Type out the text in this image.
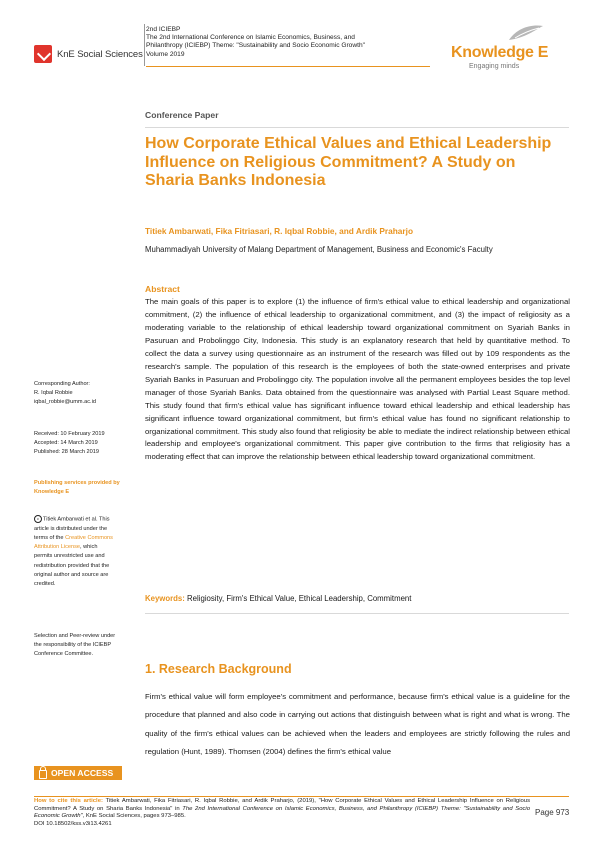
KnE Social Sciences
2nd ICIEBP
The 2nd International Conference on Islamic Economics, Business, and
Philanthropy (ICIEBP) Theme: "Sustainability and Socio Economic Growth"
Volume 2019	Knowledge E
Engaging minds
Conference Paper
How Corporate Ethical Values and Ethical Leadership Influence on Religious Commitment? A Study on Sharia Banks Indonesia
Titiek Ambarwati, Fika Fitriasari, R. Iqbal Robbie, and Ardik Praharjo
Muhammadiyah University of Malang Department of Management, Business and Economic's Faculty
Abstract

The main goals of this paper is to explore (1) the influence of firm's ethical value to ethical leadership and organizational commitment, (2) the influence of ethical leadership to organizational commitment, and (3) the impact of religiosity as a moderating variable to the relationship of ethical leadership toward organizational commitment on Syariah Banks in Pasuruan and Probolinggo City, Indonesia. This study is an explanatory research that held by quantitative method. To collect the data a survey using questionnaire as an instrument of the research was filled out by 109 respondents as the research's sample. The population of this research is the employees of both the state-owned enterprises and private Syariah Banks in Pasuruan and Probolinggo city. The population involve all the permanent employees besides the top level manager of those Syariah Banks. Data obtained from the questionnaire was analysed with Partial Least Square method. This study found that firm's ethical value has significant influence toward ethical leadership and ethical leadership has significant influence toward organizational commitment, but firm's ethical value has found no significant relationship to organizational commitment. This study also found that religiosity be able to mediate the indirect relationship between ethical leadership and employee's organizational commitment. This paper give contribution to the firms that religiosity has a moderating effect that can improve the relationship between ethical leadership toward organizational commitment.

Keywords: Religiosity, Firm's Ethical Value, Ethical Leadership, Commitment
1. Research Background

Firm's ethical value will form employee's commitment and performance, because firm's ethical value is a guideline for the procedure that planned and also code in carrying out actions that distinguish between what is right and what is wrong. The quality of the firm's ethical values can be achieved when the leaders and employees are strictly following the rules and regulation (Hunt, 1989). Thomsen (2004) defines the firm's ethical value

Corresponding Author:
R. Iqbal Robbie
iqbal_robbie@umm.ac.id
Received: 10 February 2019
Accepted: 14 March 2019
Published: 28 March 2019
Publishing services provided by
Knowledge E
c Titiek Ambarwati et al. This
article is distributed under the
terms of the Creative Commons
Attribution License, which
permits unrestricted use and
redistribution provided that the
original author and source are
credited.
Selection and Peer-review under
the responsibility of the ICIEBP
Conference Committee.
OPEN ACCESS
How to cite this article: Titiek Ambarwati, Fika Fitriasari, R. Iqbal Robbie, and Ardik Praharjo, (2019), "How Corporate Ethical Values and Ethical Leadership Influence on Religious Commitment? A Study on Sharia Banks Indonesia" in The 2nd International Conference on Islamic Economics, Business, and Philanthropy (ICIEBP) Theme: "Sustainability and Socio Economic Growth", KnE Social Sciences, pages 973–985.
DOI 10.18502/kss.v3i13.4261
Page 973
